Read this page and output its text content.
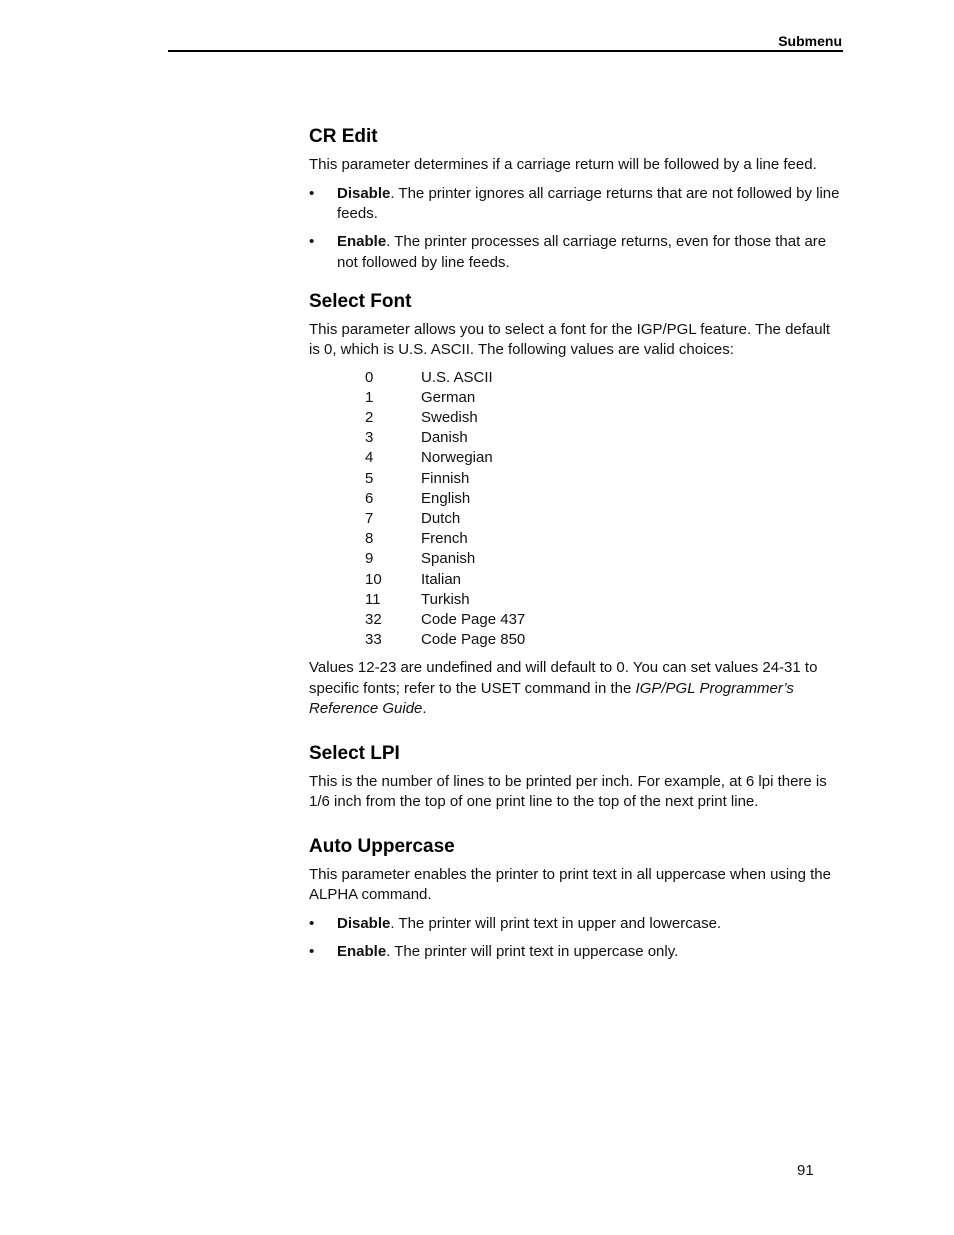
Submenu
CR Edit

This parameter determines if a carriage return will be followed by a line feed.

• Disable. The printer ignores all carriage returns that are not followed by line feeds.
• Enable. The printer processes all carriage returns, even for those that are not followed by line feeds.
Select Font

This parameter allows you to select a font for the IGP/PGL feature. The default is 0, which is U.S. ASCII. The following values are valid choices:

0	U.S. ASCII
1	German
2	Swedish
3	Danish
4	Norwegian
5	Finnish
6	English
7	Dutch
8	French
9	Spanish
10	Italian
11	Turkish
32	Code Page 437
33	Code Page 850

Values 12-23 are undefined and will default to 0. You can set values 24-31 to specific fonts; refer to the USET command in the IGP/PGL Programmer’s Reference Guide.

Select LPI

This is the number of lines to be printed per inch. For example, at 6 lpi there is 1/6 inch from the top of one print line to the top of the next print line.

Auto Uppercase

This parameter enables the printer to print text in all uppercase when using the ALPHA command.

• Disable. The printer will print text in upper and lowercase.
• Enable. The printer will print text in uppercase only.
91
